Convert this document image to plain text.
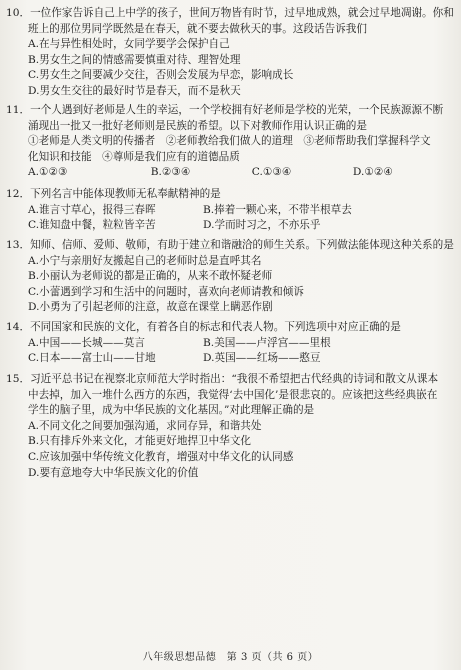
10．一位作家告诉自己上中学的孩子，世间万物皆有时节，过早地成熟，就会过早地凋谢。你和
班上的那位男同学既然是在春天，就不要去做秋天的事。这段话告诉我们
A.在与异性相处时，女同学要学会保护自己
B.男女生之间的情感需要慎重对待、理智处理
C.男女生之间要减少交往，否则会发展为早恋，影响成长
D.男女生交往的最好时节是春天，而不是秋天
11．一个人遇到好老师是人生的幸运，一个学校拥有好老师是学校的光荣，一个民族源源不断
涌现出一批又一批好老师则是民族的希望。以下对教师作用认识正确的是
①老师是人类文明的传播者　②老师教给我们做人的道理　③老师帮助我们掌握科学文
化知识和技能　④尊师是我们应有的道德品质
A.①②③	B.②③④	C.①③④	D.①②④
12．下列名言中能体现教师无私奉献精神的是
A.谁言寸草心，报得三春晖	B.捧着一颗心来，不带半根草去
C.谁知盘中餐，粒粒皆辛苦	D.学而时习之，不亦乐乎
13．知师、信师、爱师、敬师，有助于建立和谐融洽的师生关系。下列做法能体现这种关系的是
A.小宁与亲朋好友搬起自己的老师时总是直呼其名
B.小丽认为老师说的都是正确的，从来不敢怀疑老师
C.小蕾遇到学习和生活中的问题时，喜欢向老师请教和倾诉
D.小勇为了引起老师的注意，故意在课堂上瞒恶作剧
14．不同国家和民族的文化，有着各自的标志和代表人物。下列选项中对应正确的是
A.中国——长城——莫言	B.美国——卢浮宫——里根
C.日本——富士山——甘地	D.英国——红场——憨豆
15．习近平总书记在视察北京师范大学时指出：“我很不希望把古代经典的诗词和散文从课本
中去掉，加入一堆什么西方的东西，我觉得‘去中国化’是很悲哀的。应该把这些经典嵌在
学生的脑子里，成为中华民族的文化基因。”对此理解正确的是
A.不同文化之间要加强沟通，求同存异，和谐共处
B.只有排斥外来文化，才能更好地捍卫中华文化
C.应该加强中华传统文化教育，增强对中华文化的认同感
D.要有意地夸大中华民族文化的价值
八年级思想品德　第 3 页（共 6 页）
